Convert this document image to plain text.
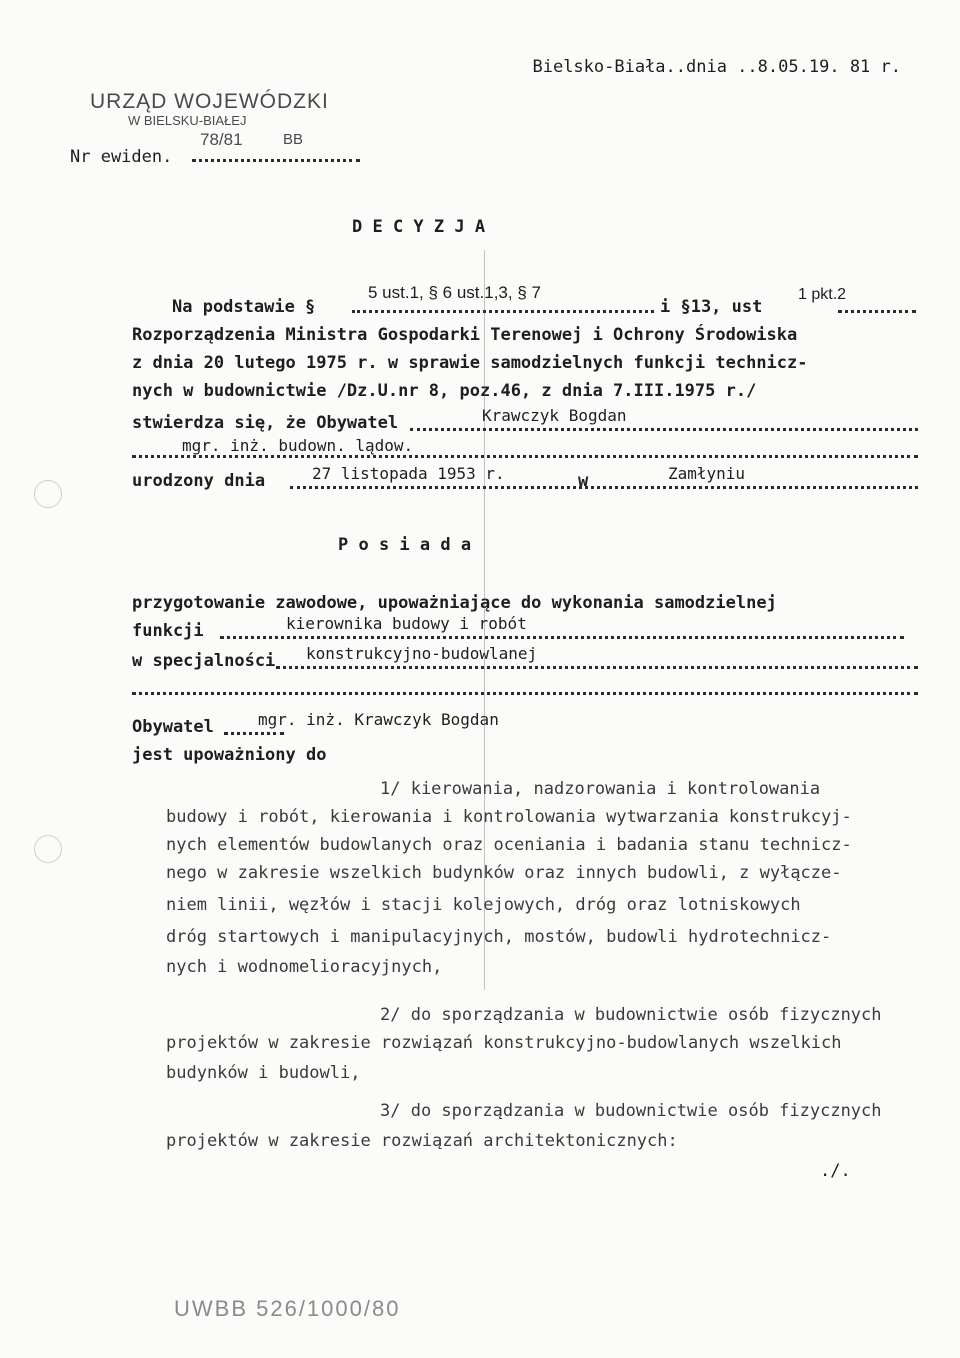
Bielsko-Biała..dnia ..8.05.19. 81 r.

URZĄD WOJEWÓDZKI
W BIELSKU-BIAŁEJ
78/81	BB
Nr ewiden.
D E C Y Z J A
5 ust.1, § 6 ust.1,3, § 7	1 pkt.2
Na podstawie §	i §13, ust
Rozporządzenia Ministra Gospodarki Terenowej i Ochrony Środowiska
z dnia 20 lutego 1975 r. w sprawie samodzielnych funkcji technicz-
nych w budownictwie /Dz.U.nr 8, poz.46, z dnia 7.III.1975 r./
stwierdza się, że Obywatel	Krawczyk Bogdan
mgr. inż. budown. lądow.
urodzony dnia	27 listopada 1953 r.	w	Zamłyniu
P o s i a d a
przygotowanie zawodowe, upoważniające do wykonania samodzielnej
funkcji	kierownika budowy i robót
w specjalności konstrukcyjno-budowlanej
Obywatel	mgr. inż. Krawczyk Bogdan
jest upoważniony do
1/ kierowania, nadzorowania i kontrolowania
budowy i robót, kierowania i kontrolowania wytwarzania konstrukcyj-
nych elementów budowlanych oraz oceniania i badania stanu technicz-
nego w zakresie wszelkich budynków oraz innych budowli, z wyłącze-
niem linii, węzłów i stacji kolejowych, dróg oraz lotniskowych
dróg startowych i manipulacyjnych, mostów, budowli hydrotechnicz-
nych i wodnomelioracyjnych,
2/ do sporządzania w budownictwie osób fizycznych
projektów w zakresie rozwiązań konstrukcyjno-budowlanych wszelkich
budynków i budowli,
3/ do sporządzania w budownictwie osób fizycznych
projektów w zakresie rozwiązań architektonicznych:
./.
UWBB 526/1000/80
